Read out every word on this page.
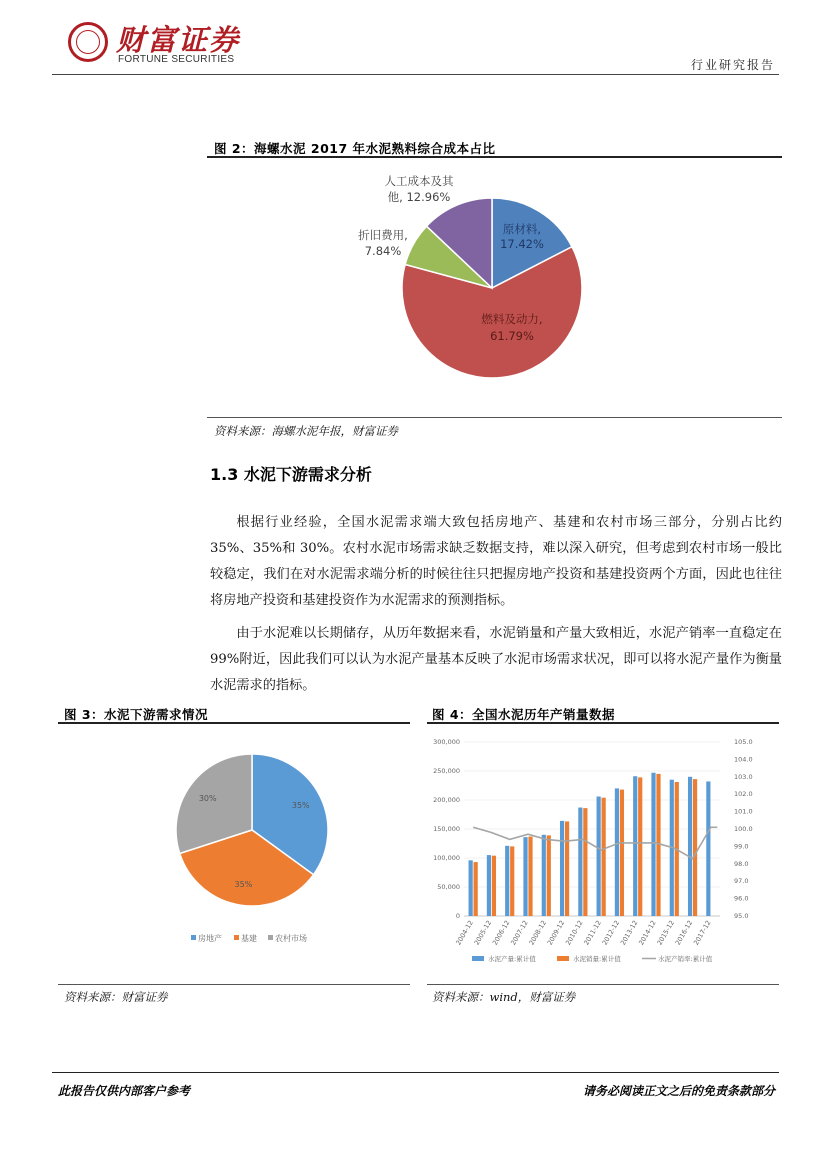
财富证券
FORTUNE SECURITIES	行业研究报告
图 2：海螺水泥 2017 年水泥熟料综合成本占比
原材料,
17.42%
燃料及动力,
61.79%
折旧费用,
7.84%
人工成本及其
他, 12.96%
资料来源：海螺水泥年报，财富证券
1.3 水泥下游需求分析

根据行业经验，全国水泥需求端大致包括房地产、基建和农村市场三部分，分别占比约 35%、35%和 30%。农村水泥市场需求缺乏数据支持，难以深入研究，但考虑到农村市场一般比较稳定，我们在对水泥需求端分析的时候往往只把握房地产投资和基建投资两个方面，因此也往往将房地产投资和基建投资作为水泥需求的预测指标。

由于水泥难以长期储存，从历年数据来看，水泥销量和产量大致相近，水泥产销率一直稳定在 99%附近，因此我们可以认为水泥产量基本反映了水泥市场需求状况，即可以将水泥产量作为衡量水泥需求的指标。

图 3：水泥下游需求情况
35%
35%
30%
房地产 基建 农村市场
资料来源：财富证券
图 4：全国水泥历年产销量数据
0
50,000
100,000
150,000
200,000
250,000
300,000
95.0
96.0
97.0
98.0
99.0
100.0
101.0
102.0
103.0
104.0
105.0
2004-12
2005-12
2006-12
2007-12
2008-12
2009-12
2010-12
2011-12
2012-12
2013-12
2014-12
2015-12
2016-12
2017-12
水泥产量:累计值	水泥销量:累计值	水泥产销率:累计值
资料来源：wind，财富证券
此报告仅供内部客户参考	请务必阅读正文之后的免责条款部分
